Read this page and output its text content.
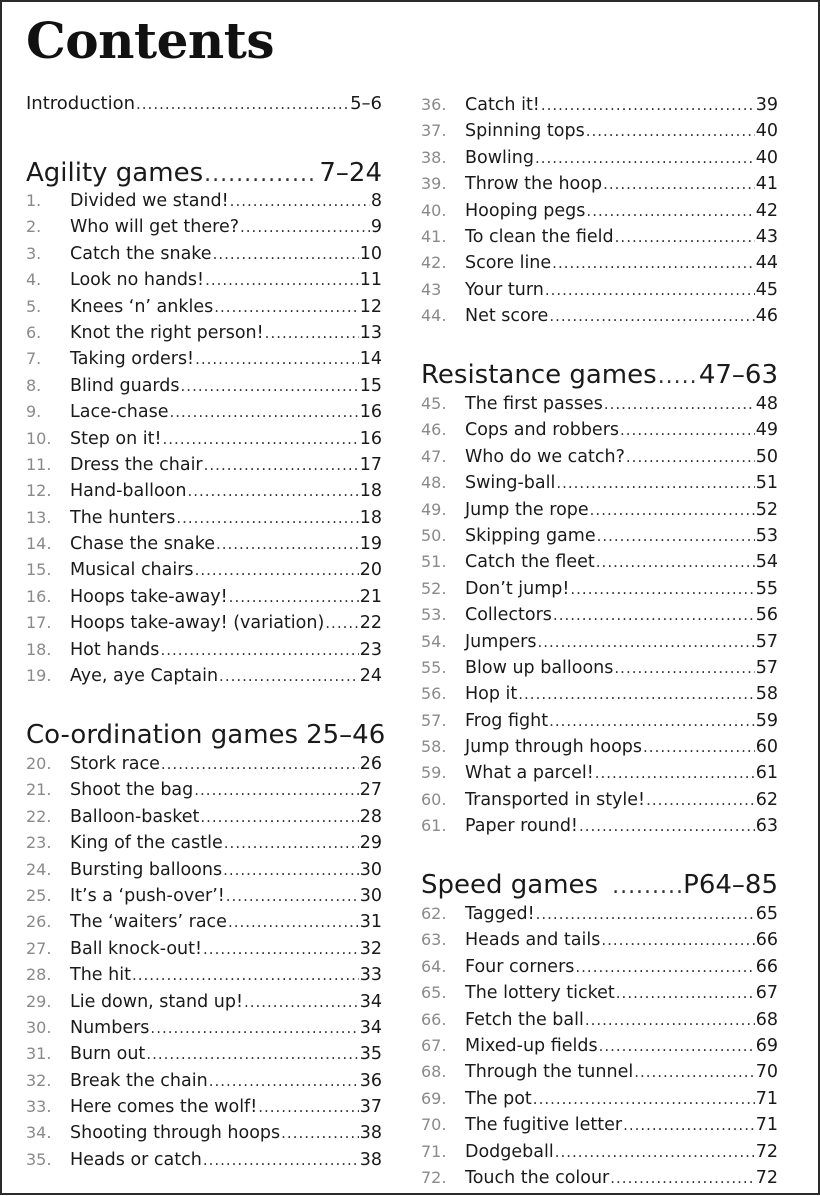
Contents
Introduction .....	5–6
Agility games .....	7–24
1.	Divided we stand! .....	8
2.	Who will get there? .....	9
3.	Catch the snake .....	10
4.	Look no hands! .....	11
5.	Knees ‘n’ ankles .....	12
6.	Knot the right person! .....	13
7.	Taking orders! .....	14
8.	Blind guards .....	15
9.	Lace-chase .....	16
10.	Step on it! .....	16
11.	Dress the chair .....	17
12.	Hand-balloon .....	18
13.	The hunters .....	18
14.	Chase the snake .....	19
15.	Musical chairs .....	20
16.	Hoops take-away! .....	21
17.	Hoops take-away! (variation) ..... 22
18.	Hot hands .....	23
19.	Aye, aye Captain .....	24
Co-ordination games 25–46
20.	Stork race .....	26
21.	Shoot the bag .....	27
22.	Balloon-basket .....	28
23.	King of the castle .....	29
24.	Bursting balloons .....	30
25.	It’s a ‘push-over’! .....	30
26.	The ‘waiters’ race .....	31
27.	Ball knock-out! .....	32
28.	The hit .....	33
29.	Lie down, stand up! .....	34
30.	Numbers .....	34
31.	Burn out .....	35
32.	Break the chain .....	36
33.	Here comes the wolf! .....	37
34.	Shooting through hoops .....	38
35.	Heads or catch .....	38
36.	Catch it! .....	39
37.	Spinning tops .....	40
38.	Bowling .....	40
39.	Throw the hoop .....	41
40.	Hooping pegs .....	42
41.	To clean the field .....	43
42.	Score line .....	44
43	Your turn .....	45
44.	Net score .....	46
Resistance games ..... 47–63
45.	The first passes .....	48
46.	Cops and robbers .....	49
47.	Who do we catch? .....	50
48.	Swing-ball .....	51
49.	Jump the rope .....	52
50.	Skipping game .....	53
51.	Catch the fleet .....	54
52.	Don’t jump! .....	55
53.	Collectors .....	56
54.	Jumpers .....	57
55.	Blow up balloons .....	57
56.	Hop it .....	58
57.	Frog fight .....	59
58.	Jump through hoops .....	60
59.	What a parcel! .....	61
60.	Transported in style! .....	62
61.	Paper round! .....	63
Speed games .....	P64–85
62.	Tagged! .....	65
63.	Heads and tails .....	66
64.	Four corners .....	66
65.	The lottery ticket .....	67
66.	Fetch the ball .....	68
67.	Mixed-up fields .....	69
68.	Through the tunnel .....	70
69.	The pot .....	71
70.	The fugitive letter .....	71
71.	Dodgeball .....	72
72.	Touch the colour .....	72
